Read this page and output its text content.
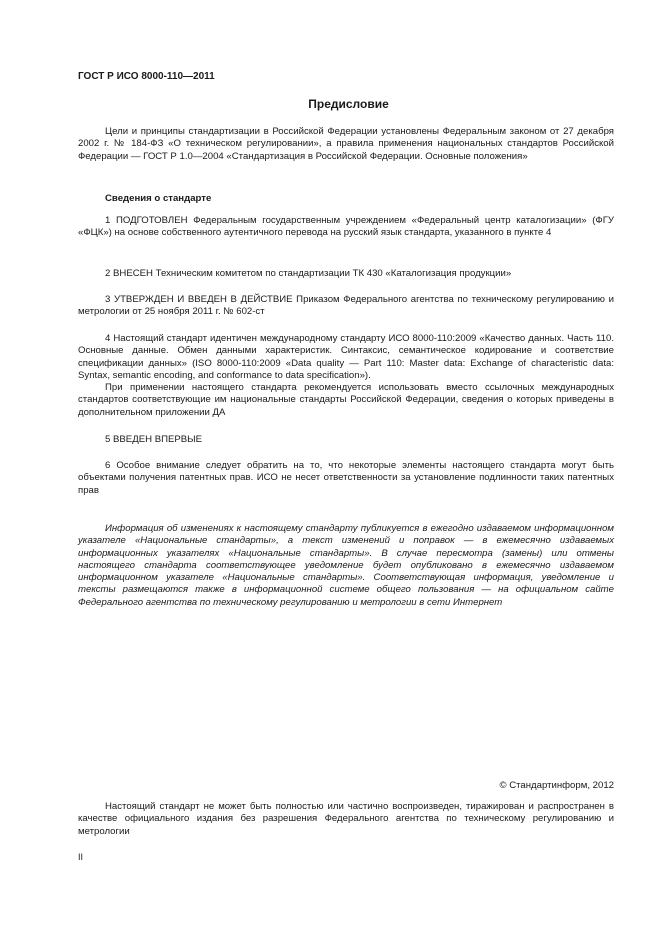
ГОСТ Р ИСО 8000-110—2011
Предисловие

Цели и принципы стандартизации в Российской Федерации установлены Федеральным законом от 27 декабря 2002 г. № 184-ФЗ «О техническом регулировании», а правила применения национальных стандартов Российской Федерации — ГОСТ Р 1.0—2004 «Стандартизация в Российской Федерации. Основные положения»

Сведения о стандарте

1 ПОДГОТОВЛЕН Федеральным государственным учреждением «Федеральный центр каталогизации» (ФГУ «ФЦК») на основе собственного аутентичного перевода на русский язык стандарта, указанного в пункте 4

2 ВНЕСЕН Техническим комитетом по стандартизации ТК 430 «Каталогизация продукции»

3 УТВЕРЖДЕН И ВВЕДЕН В ДЕЙСТВИЕ Приказом Федерального агентства по техническому регулированию и метрологии от 25 ноября 2011 г. № 602-ст

4 Настоящий стандарт идентичен международному стандарту ИСО 8000-110:2009 «Качество данных. Часть 110. Основные данные. Обмен данными характеристик. Синтаксис, семантическое кодирование и соответствие спецификации данных» (ISO 8000-110:2009 «Data quality — Part 110: Master data: Exchange of characteristic data: Syntax, semantic encoding, and conformance to data specification»).

При применении настоящего стандарта рекомендуется использовать вместо ссылочных международных стандартов соответствующие им национальные стандарты Российской Федерации, сведения о которых приведены в дополнительном приложении ДА

5 ВВЕДЕН ВПЕРВЫЕ

6 Особое внимание следует обратить на то, что некоторые элементы настоящего стандарта могут быть объектами получения патентных прав. ИСО не несет ответственности за установление подлинности таких патентных прав

Информация об изменениях к настоящему стандарту публикуется в ежегодно издаваемом информационном указателе «Национальные стандарты», а текст изменений и поправок — в ежемесячно издаваемых информационных указателях «Национальные стандарты». В случае пересмотра (замены) или отмены настоящего стандарта соответствующее уведомление будет опубликовано в ежемесячно издаваемом информационном указателе «Национальные стандарты». Соответствующая информация, уведомление и тексты размещаются также в информационной системе общего пользования — на официальном сайте Федерального агентства по техническому регулированию и метрологии в сети Интернет

© Стандартинформ, 2012

Настоящий стандарт не может быть полностью или частично воспроизведен, тиражирован и распространен в качестве официального издания без разрешения Федерального агентства по техническому регулированию и метрологии

II
